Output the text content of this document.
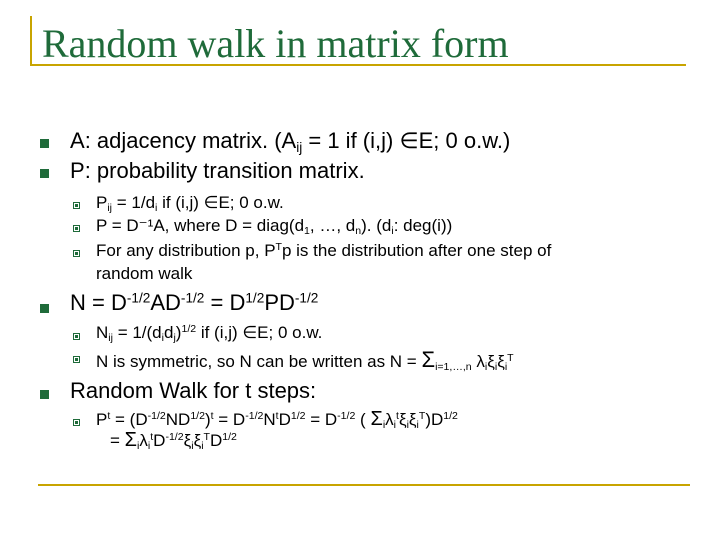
Random walk in matrix form
A: adjacency matrix. ($A_{ij} = 1$ if (i,j) ∈E; 0 o.w.)
P: probability transition matrix.
$P_{ij} = 1/d_i$ if (i,j) ∈E; 0 o.w.
P = D⁻¹A, where $D = diag(d_1$, …, $d_n$). ($d_i$: deg(i))
For any distribution p, $P^Tp$ is the distribution after one step of
random walk
$N = D^{-1/2}AD^{-1/2} = D^{1/2}PD^{-1/2}$
$N_{ij} = 1/(d_id_j)^{1/2}$ if (i,j) ∈E; 0 o.w.
N is symmetric, so N can be written as $N = \Sigma_{i=1,\dots,n}$ $\lambda_i\xi_i\xi_i^T$
Random Walk for t steps:
$P^t = (D^{-1/2}ND^{1/2})^t = D^{-1/2}N^tD^{1/2} = D^{-1/2}$ ( $\Sigma_i\lambda_i^t\xi_i\xi_i^T)D^{1/2}$
= $\Sigma_i\lambda_i^tD^{-1/2}\xi_i\xi_i^TD^{1/2}$
